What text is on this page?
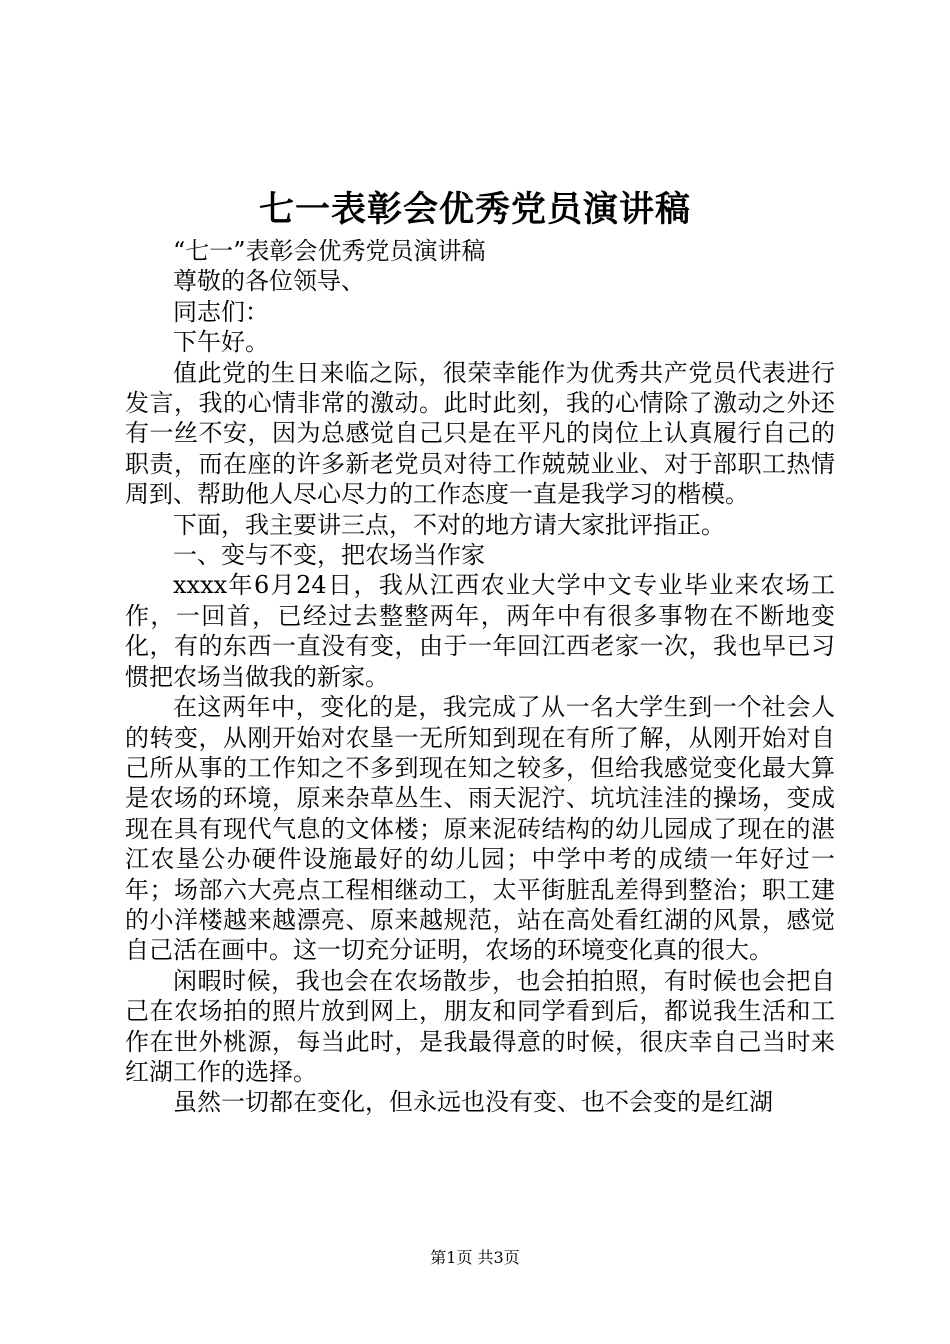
七一表彰会优秀党员演讲稿

“七一”表彰会优秀党员演讲稿

尊敬的各位领导、

同志们：

下午好。

值此党的生日来临之际，很荣幸能作为优秀共产党员代表进行发言，我的心情非常的激动。此时此刻，我的心情除了激动之外还有一丝不安，因为总感觉自己只是在平凡的岗位上认真履行自己的职责，而在座的许多新老党员对待工作兢兢业业、对于部职工热情周到、帮助他人尽心尽力的工作态度一直是我学习的楷模。

下面，我主要讲三点，不对的地方请大家批评指正。

一、变与不变，把农场当作家

xxxx年6月24日，我从江西农业大学中文专业毕业来农场工作，一回首，已经过去整整两年，两年中有很多事物在不断地变化，有的东西一直没有变，由于一年回江西老家一次，我也早已习惯把农场当做我的新家。

在这两年中，变化的是，我完成了从一名大学生到一个社会人的转变，从刚开始对农垦一无所知到现在有所了解，从刚开始对自己所从事的工作知之不多到现在知之较多，但给我感觉变化最大算是农场的环境，原来杂草丛生、雨天泥泞、坑坑洼洼的操场，变成现在具有现代气息的文体楼；原来泥砖结构的幼儿园成了现在的湛江农垦公办硬件设施最好的幼儿园；中学中考的成绩一年好过一年；场部六大亮点工程相继动工，太平街脏乱差得到整治；职工建的小洋楼越来越漂亮、原来越规范，站在高处看红湖的风景，感觉自己活在画中。这一切充分证明，农场的环境变化真的很大。

闲暇时候，我也会在农场散步，也会拍拍照，有时候也会把自己在农场拍的照片放到网上，朋友和同学看到后，都说我生活和工作在世外桃源，每当此时，是我最得意的时候，很庆幸自己当时来红湖工作的选择。

虽然一切都在变化，但永远也没有变、也不会变的是红湖

第1页 共3页
